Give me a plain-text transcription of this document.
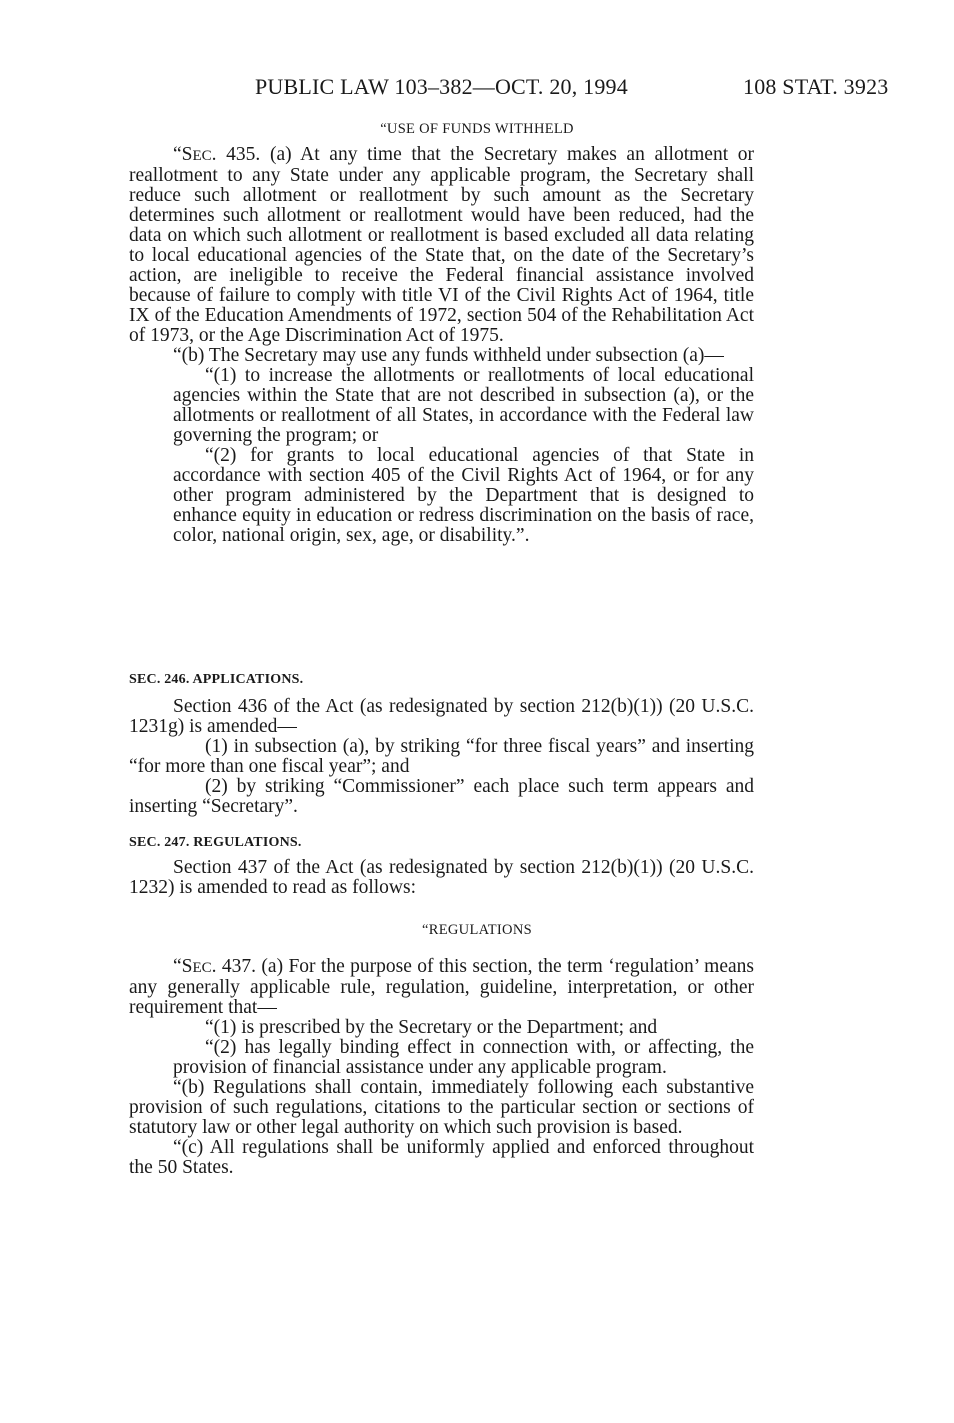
PUBLIC LAW 103–382—OCT. 20, 1994	108 STAT. 3923
“USE OF FUNDS WITHHELD

“SEC. 435. (a) At any time that the Secretary makes an allotment or reallotment to any State under any applicable program, the Secretary shall reduce such allotment or reallotment by such amount as the Secretary determines such allotment or reallotment would have been reduced, had the data on which such allotment or reallotment is based excluded all data relating to local educational agencies of the State that, on the date of the Secretary’s action, are ineligible to receive the Federal financial assistance involved because of failure to comply with title VI of the Civil Rights Act of 1964, title IX of the Education Amendments of 1972, section 504 of the Rehabilitation Act of 1973, or the Age Discrimination Act of 1975.

“(b) The Secretary may use any funds withheld under subsection (a)—

“(1) to increase the allotments or reallotments of local educational agencies within the State that are not described in subsection (a), or the allotments or reallotment of all States, in accordance with the Federal law governing the program; or

“(2) for grants to local educational agencies of that State in accordance with section 405 of the Civil Rights Act of 1964, or for any other program administered by the Department that is designed to enhance equity in education or redress discrimination on the basis of race, color, national origin, sex, age, or disability.”.

SEC. 246. APPLICATIONS.

Section 436 of the Act (as redesignated by section 212(b)(1)) (20 U.S.C. 1231g) is amended—

(1) in subsection (a), by striking “for three fiscal years” and inserting “for more than one fiscal year”; and

(2) by striking “Commissioner” each place such term appears and inserting “Secretary”.

SEC. 247. REGULATIONS.

Section 437 of the Act (as redesignated by section 212(b)(1)) (20 U.S.C. 1232) is amended to read as follows:

“REGULATIONS

“SEC. 437. (a) For the purpose of this section, the term ‘regulation’ means any generally applicable rule, regulation, guideline, interpretation, or other requirement that—

“(1) is prescribed by the Secretary or the Department; and

“(2) has legally binding effect in connection with, or affecting, the provision of financial assistance under any applicable program.

“(b) Regulations shall contain, immediately following each substantive provision of such regulations, citations to the particular section or sections of statutory law or other legal authority on which such provision is based.

“(c) All regulations shall be uniformly applied and enforced throughout the 50 States.
